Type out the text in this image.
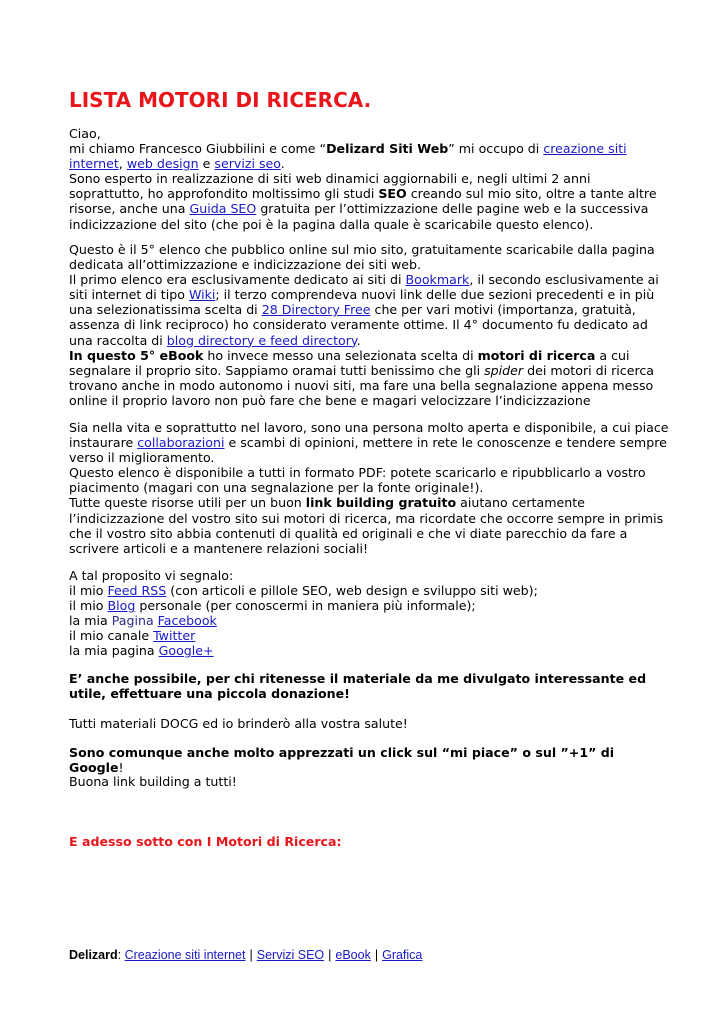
LISTA MOTORI DI RICERCA.

Ciao,

mi chiamo Francesco Giubbilini e come “Delizard Siti Web” mi occupo di creazione siti internet, web design e servizi seo.

Sono esperto in realizzazione di siti web dinamici aggiornabili e, negli ultimi 2 anni soprattutto, ho approfondito moltissimo gli studi SEO creando sul mio sito, oltre a tante altre risorse, anche una Guida SEO gratuita per l’ottimizzazione delle pagine web e la successiva indicizzazione del sito (che poi è la pagina dalla quale è scaricabile questo elenco).

Questo è il 5° elenco che pubblico online sul mio sito, gratuitamente scaricabile dalla pagina dedicata all’ottimizzazione e indicizzazione dei siti web.

Il primo elenco era esclusivamente dedicato ai siti di Bookmark, il secondo esclusivamente ai siti internet di tipo Wiki; il terzo comprendeva nuovi link delle due sezioni precedenti e in più una selezionatissima scelta di 28 Directory Free che per vari motivi (importanza, gratuità, assenza di link reciproco) ho considerato veramente ottime. Il 4° documento fu dedicato ad una raccolta di blog directory e feed directory.

In questo 5° eBook ho invece messo una selezionata scelta di motori di ricerca a cui segnalare il proprio sito. Sappiamo oramai tutti benissimo che gli spider dei motori di ricerca trovano anche in modo autonomo i nuovi siti, ma fare una bella segnalazione appena messo online il proprio lavoro non può fare che bene e magari velocizzare l’indicizzazione

Sia nella vita e soprattutto nel lavoro, sono una persona molto aperta e disponibile, a cui piace instaurare collaborazioni e scambi di opinioni, mettere in rete le conoscenze e tendere sempre verso il miglioramento.

Questo elenco è disponibile a tutti in formato PDF: potete scaricarlo e ripubblicarlo a vostro piacimento (magari con una segnalazione per la fonte originale!).

Tutte queste risorse utili per un buon link building gratuito aiutano certamente l’indicizzazione del vostro sito sui motori di ricerca, ma ricordate che occorre sempre in primis che il vostro sito abbia contenuti di qualità ed originali e che vi diate parecchio da fare a scrivere articoli e a mantenere relazioni sociali!

A tal proposito vi segnalo:

il mio Feed RSS (con articoli e pillole SEO, web design e sviluppo siti web);

il mio Blog personale (per conoscermi in maniera più informale);

la mia Pagina Facebook

il mio canale Twitter

la mia pagina Google+

E’ anche possibile, per chi ritenesse il materiale da me divulgato interessante ed utile, effettuare una piccola donazione!

Tutti materiali DOCG ed io brinderò alla vostra salute!

Sono comunque anche molto apprezzati un click sul “mi piace” o sul ”+1” di Google!

Buona link building a tutti!

E adesso sotto con I Motori di Ricerca:
Delizard: Creazione siti internet | Servizi SEO | eBook | Grafica
